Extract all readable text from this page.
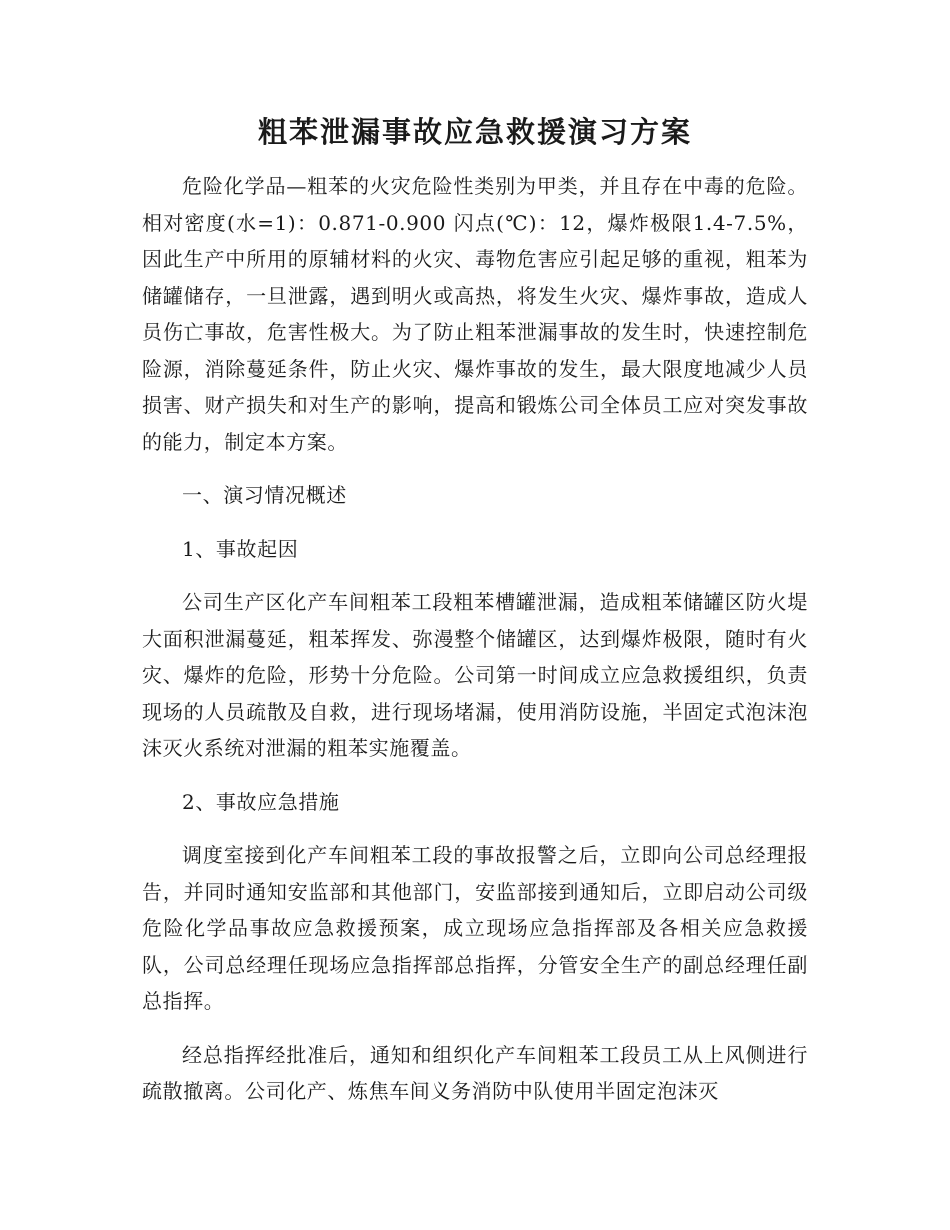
粗苯泄漏事故应急救援演习方案

危险化学品—粗苯的火灾危险性类别为甲类，并且存在中毒的危险。相对密度(水=1)：0.871-0.900 闪点(℃)：12，爆炸极限1.4-7.5%，因此生产中所用的原辅材料的火灾、毒物危害应引起足够的重视，粗苯为储罐储存，一旦泄露，遇到明火或高热，将发生火灾、爆炸事故，造成人员伤亡事故，危害性极大。为了防止粗苯泄漏事故的发生时，快速控制危险源，消除蔓延条件，防止火灾、爆炸事故的发生，最大限度地减少人员损害、财产损失和对生产的影响，提高和锻炼公司全体员工应对突发事故的能力，制定本方案。

一、演习情况概述

1、事故起因

公司生产区化产车间粗苯工段粗苯槽罐泄漏，造成粗苯储罐区防火堤大面积泄漏蔓延，粗苯挥发、弥漫整个储罐区，达到爆炸极限，随时有火灾、爆炸的危险，形势十分危险。公司第一时间成立应急救援组织，负责现场的人员疏散及自救，进行现场堵漏，使用消防设施，半固定式泡沫泡沫灭火系统对泄漏的粗苯实施覆盖。

2、事故应急措施

调度室接到化产车间粗苯工段的事故报警之后，立即向公司总经理报告，并同时通知安监部和其他部门，安监部接到通知后，立即启动公司级危险化学品事故应急救援预案，成立现场应急指挥部及各相关应急救援队，公司总经理任现场应急指挥部总指挥，分管安全生产的副总经理任副总指挥。

经总指挥经批准后，通知和组织化产车间粗苯工段员工从上风侧进行疏散撤离。公司化产、炼焦车间义务消防中队使用半固定泡沫灭
